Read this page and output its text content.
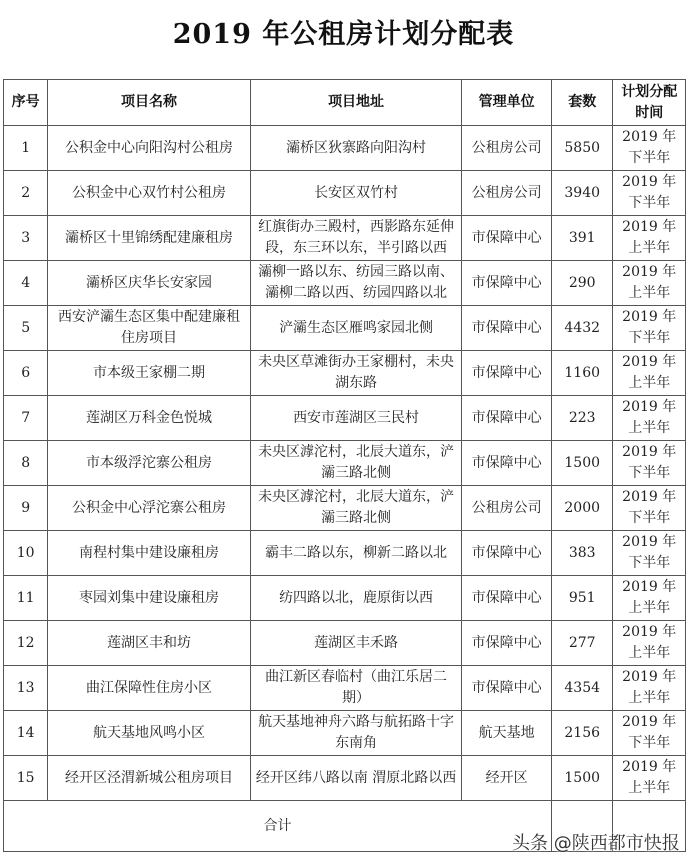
2019 年公租房计划分配表
序号	项目名称	项目地址	管理单位	套数	计划分配时间
1	公积金中心向阳沟村公租房	灞桥区狄寨路向阳沟村	公租房公司	5850	2019 年下半年
2	公积金中心双竹村公租房	长安区双竹村	公租房公司	3940	2019 年下半年
3	灞桥区十里锦绣配建廉租房	红旗街办三殿村，西影路东延伸段，东三环以东，半引路以西	市保障中心	391	2019 年上半年
4	灞桥区庆华长安家园	灞柳一路以东、纺园三路以南、灞柳二路以西、纺园四路以北	市保障中心	290	2019 年上半年
5	西安浐灞生态区集中配建廉租住房项目	浐灞生态区雁鸣家园北侧	市保障中心	4432	2019 年下半年
6	市本级王家棚二期	未央区草滩街办王家棚村，未央湖东路	市保障中心	1160	2019 年上半年
7	莲湖区万科金色悦城	西安市莲湖区三民村	市保障中心	223	2019 年上半年
8	市本级浮沱寨公租房	未央区滹沱村，北辰大道东，浐灞三路北侧	市保障中心	1500	2019 年下半年
9	公积金中心浮沱寨公租房	未央区滹沱村，北辰大道东，浐灞三路北侧	公租房公司	2000	2019 年下半年
10	南程村集中建设廉租房	霸丰二路以东，柳新二路以北	市保障中心	383	2019 年下半年
11	枣园刘集中建设廉租房	纺四路以北，鹿原街以西	市保障中心	951	2019 年上半年
12	莲湖区丰和坊	莲湖区丰禾路	市保障中心	277	2019 年上半年
13	曲江保障性住房小区	曲江新区春临村（曲江乐居二期）	市保障中心	4354	2019 年上半年
14	航天基地风鸣小区	航天基地神舟六路与航拓路十字东南角	航天基地	2156	2019 年下半年
15	经开区泾渭新城公租房项目	经开区纬八路以南 渭原北路以西	经开区	1500	2019 年上半年
合计					
头条 @陕西都市快报
